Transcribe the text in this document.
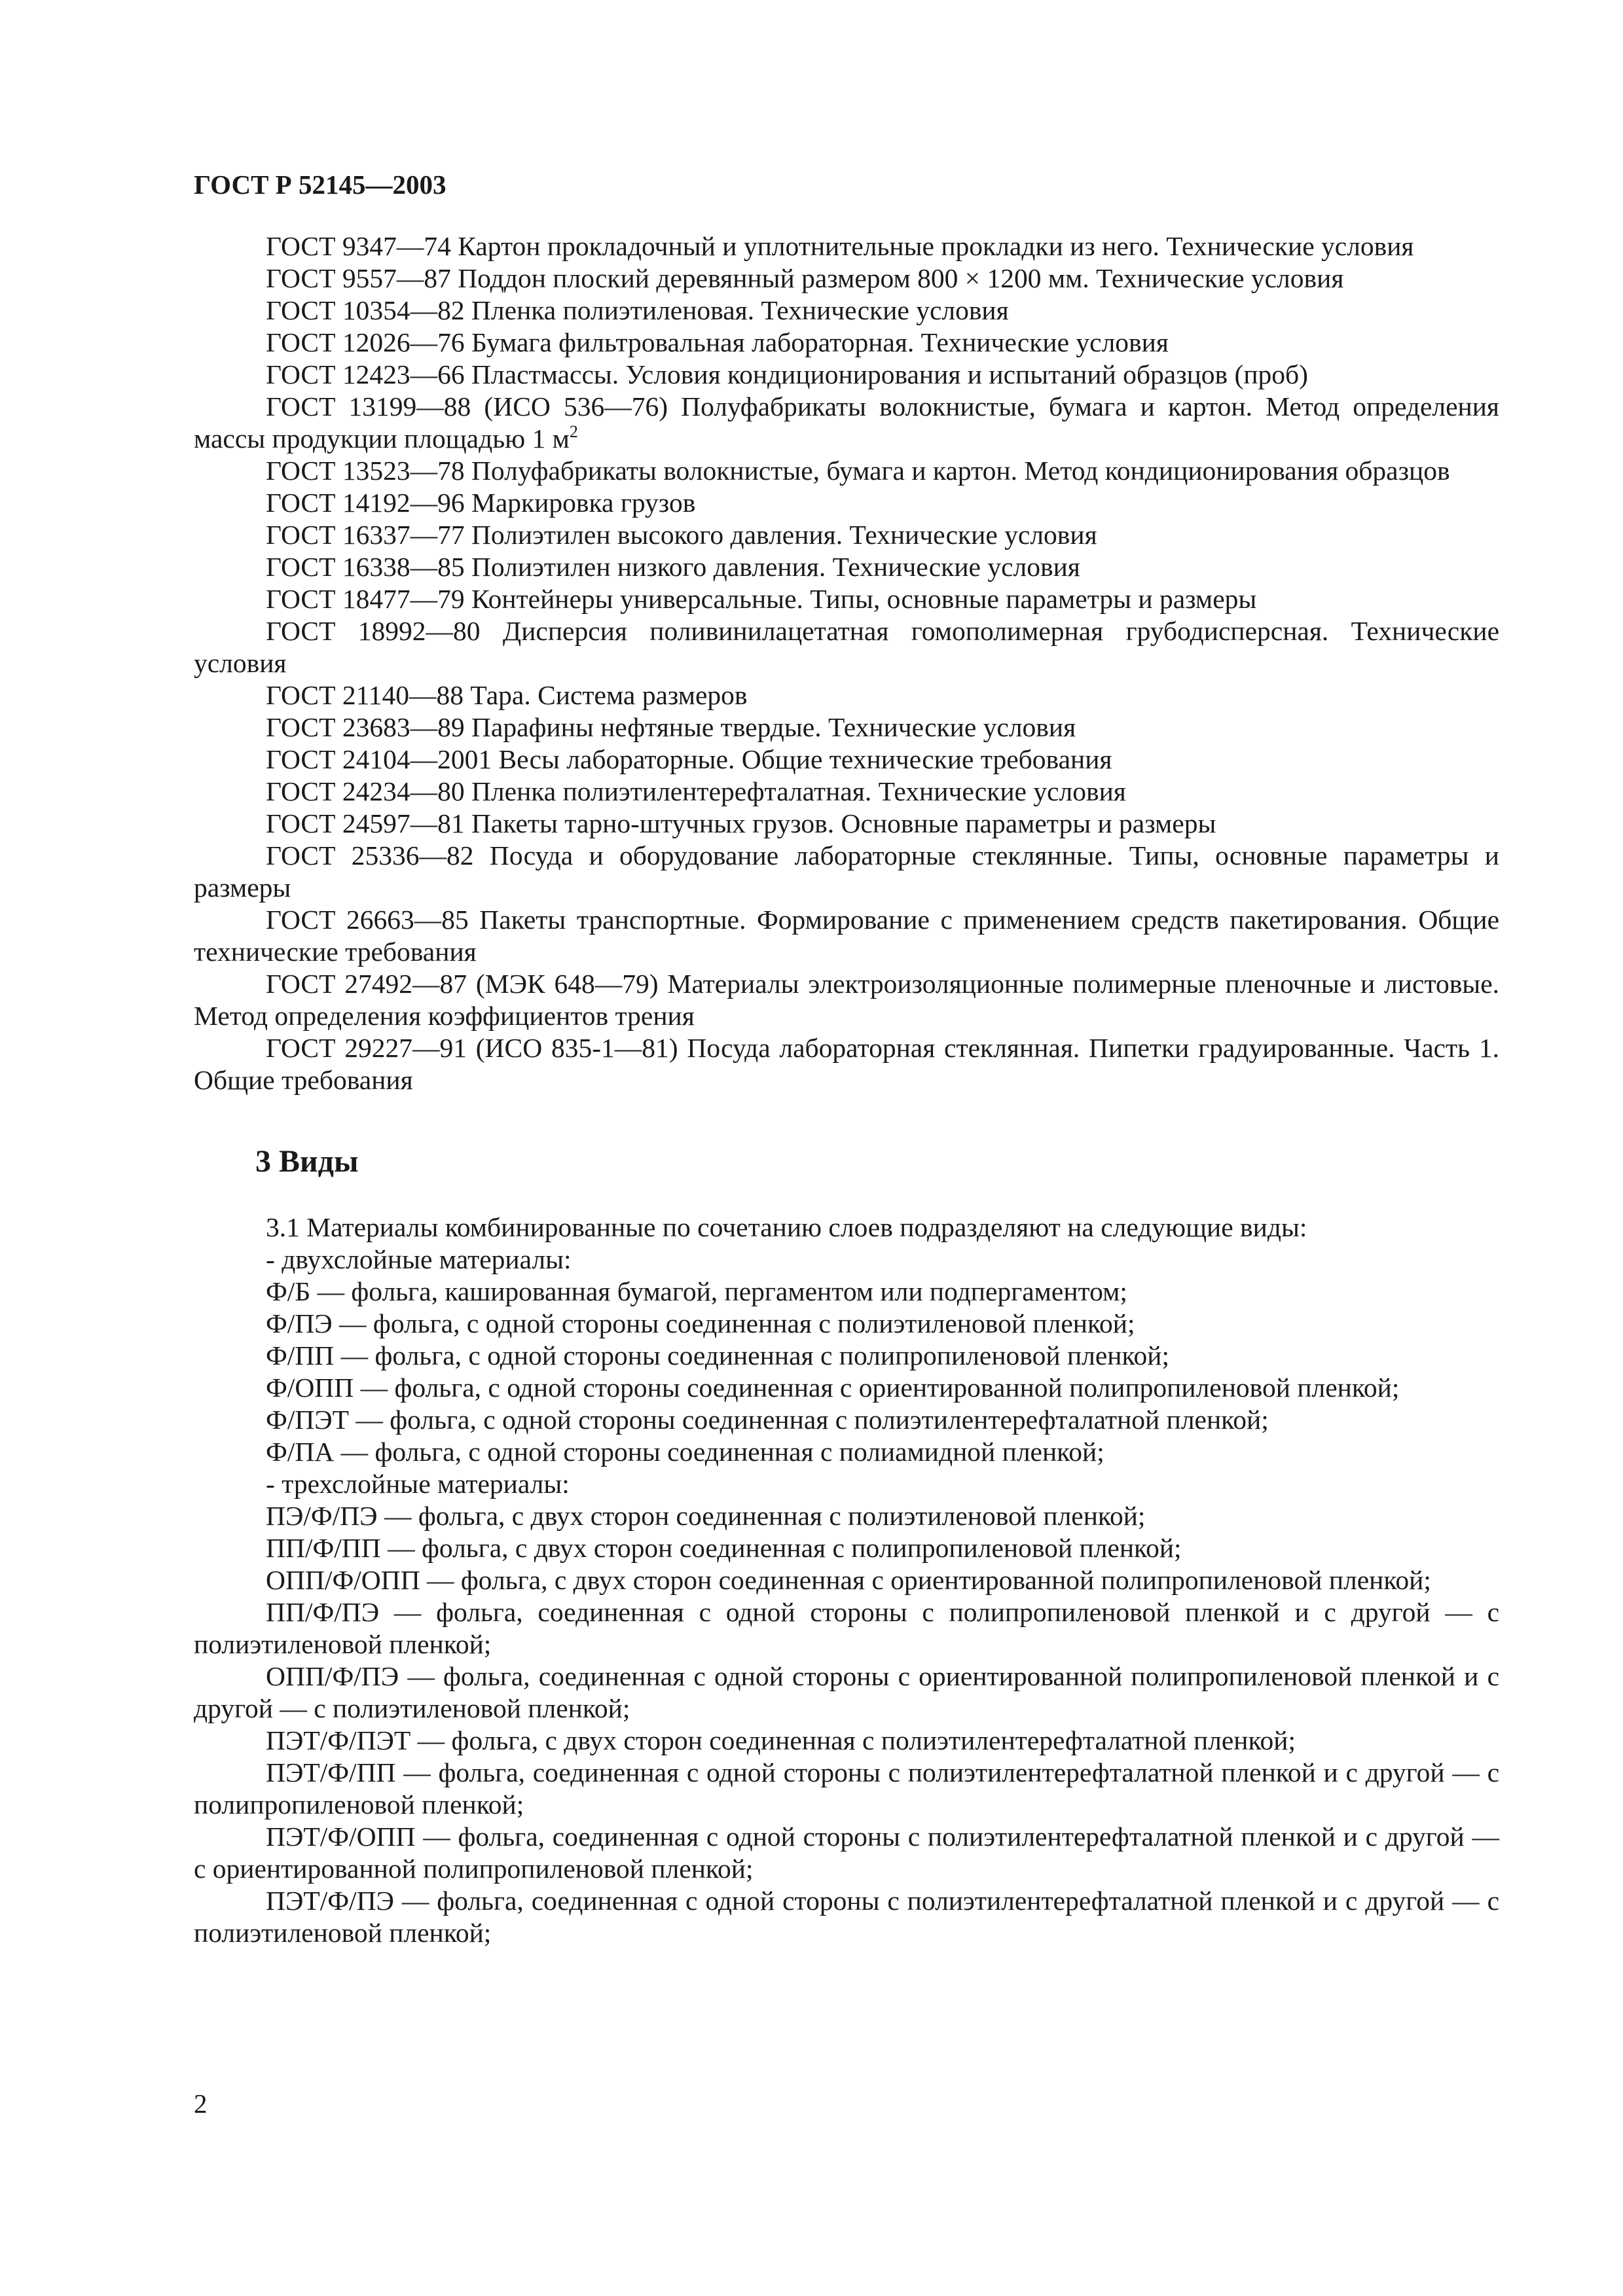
ГОСТ Р 52145—2003

ГОСТ 9347—74 Картон прокладочный и уплотнительные прокладки из него. Технические условия

ГОСТ 9557—87 Поддон плоский деревянный размером 800 × 1200 мм. Технические условия

ГОСТ 10354—82 Пленка полиэтиленовая. Технические условия

ГОСТ 12026—76 Бумага фильтровальная лабораторная. Технические условия

ГОСТ 12423—66 Пластмассы. Условия кондиционирования и испытаний образцов (проб)

ГОСТ 13199—88 (ИСО 536—76) Полуфабрикаты волокнистые, бумага и картон. Метод определения массы продукции площадью 1 $м^2$

ГОСТ 13523—78 Полуфабрикаты волокнистые, бумага и картон. Метод кондиционирования образцов

ГОСТ 14192—96 Маркировка грузов

ГОСТ 16337—77 Полиэтилен высокого давления. Технические условия

ГОСТ 16338—85 Полиэтилен низкого давления. Технические условия

ГОСТ 18477—79 Контейнеры универсальные. Типы, основные параметры и размеры

ГОСТ 18992—80 Дисперсия поливинилацетатная гомополимерная грубодисперсная. Технические условия

ГОСТ 21140—88 Тара. Система размеров

ГОСТ 23683—89 Парафины нефтяные твердые. Технические условия

ГОСТ 24104—2001 Весы лабораторные. Общие технические требования

ГОСТ 24234—80 Пленка полиэтилентерефталатная. Технические условия

ГОСТ 24597—81 Пакеты тарно-штучных грузов. Основные параметры и размеры

ГОСТ 25336—82 Посуда и оборудование лабораторные стеклянные. Типы, основные параметры и размеры

ГОСТ 26663—85 Пакеты транспортные. Формирование с применением средств пакетирования. Общие технические требования

ГОСТ 27492—87 (МЭК 648—79) Материалы электроизоляционные полимерные пленочные и листовые. Метод определения коэффициентов трения

ГОСТ 29227—91 (ИСО 835-1—81) Посуда лабораторная стеклянная. Пипетки градуированные. Часть 1. Общие требования

3 Виды

3.1 Материалы комбинированные по сочетанию слоев подразделяют на следующие виды:

- двухслойные материалы:

Ф/Б — фольга, кашированная бумагой, пергаментом или подпергаментом;

Ф/ПЭ — фольга, с одной стороны соединенная с полиэтиленовой пленкой;

Ф/ПП — фольга, с одной стороны соединенная с полипропиленовой пленкой;

Ф/ОПП — фольга, с одной стороны соединенная с ориентированной полипропиленовой пленкой;

Ф/ПЭТ — фольга, с одной стороны соединенная с полиэтилентерефталатной пленкой;

Ф/ПА — фольга, с одной стороны соединенная с полиамидной пленкой;

- трехслойные материалы:

ПЭ/Ф/ПЭ — фольга, с двух сторон соединенная с полиэтиленовой пленкой;

ПП/Ф/ПП — фольга, с двух сторон соединенная с полипропиленовой пленкой;

ОПП/Ф/ОПП — фольга, с двух сторон соединенная с ориентированной полипропиленовой пленкой;

ПП/Ф/ПЭ — фольга, соединенная с одной стороны с полипропиленовой пленкой и с другой — с полиэтиленовой пленкой;

ОПП/Ф/ПЭ — фольга, соединенная с одной стороны с ориентированной полипропиленовой пленкой и с другой — с полиэтиленовой пленкой;

ПЭТ/Ф/ПЭТ — фольга, с двух сторон соединенная с полиэтилентерефталатной пленкой;

ПЭТ/Ф/ПП — фольга, соединенная с одной стороны с полиэтилентерефталатной пленкой и с другой — с полипропиленовой пленкой;

ПЭТ/Ф/ОПП — фольга, соединенная с одной стороны с полиэтилентерефталатной пленкой и с другой — с ориентированной полипропиленовой пленкой;

ПЭТ/Ф/ПЭ — фольга, соединенная с одной стороны с полиэтилентерефталатной пленкой и с другой — с полиэтиленовой пленкой;

2
